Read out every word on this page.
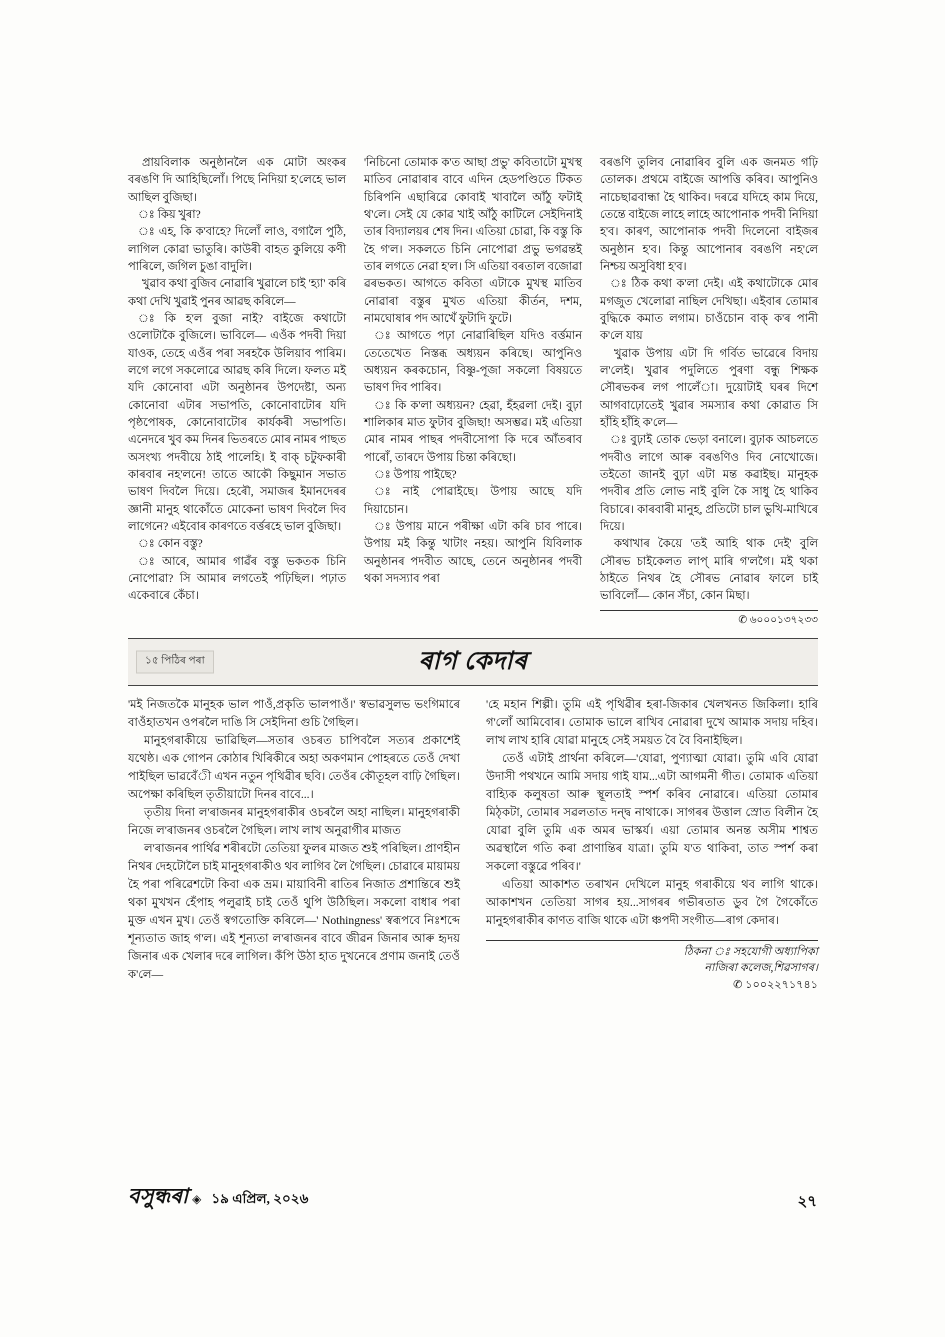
প্ৰায়বিলাক অনুষ্ঠানলৈ এক মোটা অংকৰ বৰঙণি দি আহিছিলোঁ। পিছে নিদিয়া হ'লেহে ভাল আছিল বুজিছা।

ঃ কিয় খুৰা?

ঃ এহ, কি ক'বাহে? দিলোঁ লাও, বগালৈ পুঠি, লাগিল কোৱা ভাতুৰি। কাউৰী বাহত কুলিয়ে কণী পাৰিলে, জগিল চুঙা বাদুলি।

খুৱাব কথা বুজিব নোৱাৰি খুৱালে চাই 'হ্যা' কৰি কথা দেখি খুৱাই পুনৰ আৱছ কৰিলে—

ঃ কি হ'ল বুজা নাই? বাইজে কথাটো ওলোটাকৈ বুজিলে। ভাবিলে— এওঁক পদবী দিয়া যাওক, তেহে এওঁৰ পৰা সৰহকৈ উলিয়াব পাৰিম। লগে লগে সকলোৱে আৱছ কৰি দিলে। ফলত মই যদি কোনোবা এটা অনুষ্ঠানৰ উপদেষ্টা, অন্য কোনোবা এটাৰ সভাপতি, কোনোবাটোৰ যদি পৃষ্ঠপোষক, কোনোবাটোৰ কাৰ্যকৰী সভাপতি। এনেদৰে খুব কম দিনৰ ভিতৰতে মোৰ নামৰ পাছত অসংখ্য পদবীয়ে ঠাই পালেহি। ই বাক্ চটুফকাৰী কাৰবাৰ নহ'লনে! তাতে আকৌ কিছুমান সভাত ভাষণ দিবলৈ দিয়ে। হেৰৌ, সমাজৰ ইমানদেৰৰ জ্ঞানী মানুহ থাকোঁতে মোকেনা ভাষণ দিবলৈ দিব লাগেনে? এইবোৰ কাৰণতে বৰ্ত্তৰহে ভাল বুজিছা।

ঃ কোন বস্তু?

ঃ আৰে, আমাৰ গাৱঁৰ বস্তু ভকতক চিনি নোপোৱা? সি আমাৰ লগতেই পঢ়িছিল। পঢ়াত একেবাৰে কেঁচা।

'নিচিনো তোমাক ক'ত আছা প্ৰভু' কবিতাটো মুখস্থ মাতিব নোৱাৰাৰ বাবে এদিন হেডপণ্ডিতে টিকত চিৰিপনি এছাৰিৱে কোবাই খাবালৈ আঁঠু ফটাই থ'লে। সেই যে কোৱ খাই আঁঠু কাটিলে সেইদিনাই তাৰ বিদ্যালয়ৰ শেষ দিন। এতিয়া চোৱা, কি বস্তু কি হৈ গ'ল। সকলতে চিনি নোপোৱা প্ৰভু ভগৱন্তই তাৰ লগতে নেৱা হ'ল। সি এতিয়া বৰতাল বজোৱা ৱৰভকত। আগতে কবিতা এটাকে মুখস্থ মাতিব নোৱাৰা বস্তুৰ মুখত এতিয়া কীৰ্তন, দশম, নামঘোষাৰ পদ আখেঁ ফুটাদি ফুটে।

ঃ আগতে পঢ়া নোৱাৰিছিল যদিও বৰ্ত্তমান তেতেখেত নিস্তব্ধ অধ্যয়ন কৰিছে। আপুনিও অধ্যয়ন কৰকচোন, বিষ্ণু-পূজা সকলো বিষয়তে ভাষণ দিব পাৰিব।

ঃ কি ক'লা অধ্যয়ন? হেৱা, হঁহৱলা দেই। বুঢ়া শালিকাৰ মাত ফুটাব বুজিছা! অসম্ভৱ। মই এতিয়া মোৰ নামৰ পাছৰ পদবীসোপা কি দৰে আঁতৰাব পাৰোঁ, তাৰদে উপায় চিন্তা কৰিছো।

ঃ উপায় পাইছে?

ঃ নাই পোৱাইছে। উপায় আছে যদি দিয়াচোন।

ঃ উপায় মানে পৰীক্ষা এটা কৰি চাব পাৰে। উপায় মই কিন্তু খাটাং নহয়। আপুনি যিবিলাক অনুষ্ঠানৰ পদবীত আছে, তেনে অনুষ্ঠানৰ পদবী থকা সদস্যাব পৰা

বৰঙণি তুলিব নোৱাৰিব বুলি এক জনমত গঢ়ি তোলক। প্ৰথমে বাইজে আপত্তি কৰিব। আপুনিও নাচেছাৱবান্ধা হৈ থাকিব। দৰৱে যদিহে কাম দিয়ে, তেন্তে বাইজে লাহে লাহে আপোনাক পদবী নিদিয়া হ'ব। কাৰণ, আপোনাক পদবী দিলেনো বাইজৰ অনুষ্ঠান হ'ব। কিন্তু আপোনাৰ বৰঙণি নহ'লে নিশ্চয় অসুবিধা হ'ব।

ঃ ঠিক কথা ক'লা দেই। এই কথাটোকে মোৰ মগজুত খেলোৱা নাছিল দেখিছা। এইবাৰ তোমাৰ বুদ্ধিকে কমাত লগাম। চাওঁচোন বাক্ ক'ৰ পানী ক'লে যায়

খুৱাক উপায় এটা দি গৰ্বিত ভাৱেৰে বিদায় ল'লেই। খুৱাৰ পদুলিতে পুৰণা বন্ধু শিক্ষক সৌৰভকৰ লগ পালেঁা। দুয়োটাই ঘৰৰ দিশে আগবাঢ়োতেই খুৱাৰ সমস্যাৰ কথা কোৱাত সি হাঁহি হাঁহি ক'লে—

ঃ বুঢ়াই তোক ভেড়া বনালে। বুঢ়াক আচলতে পদবীও লাগে আৰু বৰঙণিও দিব নোখোজে। তইতো জানই বুঢ়া এটা মন্ত কৱাইছ। মানুহক পদবীৰ প্ৰতি লোভ নাই বুলি কৈ সাধু হৈ থাকিব বিচাৰে। কাৰবাৰী মানুহ, প্ৰতিটো চাল ভুখি-মাখিৰে দিয়ে।

কথাখাৰ কৈয়ে 'তই আহি থাক দেই' বুলি সৌৰভ চাইকেলত লাপ্ মাৰি গ'লগৈ। মই থকা ঠাইতে নিথৰ হৈ সৌৰভ নোৱাৰ ফালে চাই ভাবিলোঁ— কোন সঁচা, কোন মিছা।

✆ ৬০০০১৩৭২৩৩
১৫ পিঠিৰ পৰা	ৰাগ কেদাৰ

'মই নিজতকৈ মানুহক ভাল পাওঁ,প্ৰকৃতি ভালপাওঁ।' স্বভাৱসুলভ ভংগিমাৰে বাওঁহাতখন ওপৰলৈ দাঙি সি সেইদিনা গুচি গৈছিল।

মানুহগৰাকীয়ে ভাৱিছিল—সতাৰ ওচৰত চাপিবলৈ সত্যৰ প্ৰকাশেই যথেষ্ঠ। এক গোপন কোঠাৰ খিৰিকীৰে অহা অকণমান পোহৰতে তেওঁ দেখা পাইছিল ভাৱবেঁী এখন নতুন পৃথিৱীৰ ছবি। তেওঁৰ কৌতূহল বাঢ়ি গৈছিল। অপেক্ষা কৰিছিল তৃতীয়াটো দিনৰ বাবে...।

তৃতীয় দিনা ল'ৰাজনৰ মানুহগৰাকীৰ ওচৰলৈ অহা নাছিল। মানুহগৰাকী নিজে ল'ৰাজনৰ ওচৰলৈ গৈছিল। লাখ লাখ অনুৱাগীৰ মাজত

ল'ৰাজনৰ পাৰ্থিৱ শৰীৰটো তেতিয়া ফুলৰ মাজত শুই পৰিছিল। প্ৰাণহীন নিথৰ দেহটোলৈ চাই মানুহগৰাকীও থব লাগিব লৈ গৈছিল। চোৱাৰে মায়াময় হৈ পৰা পৰিৱেশটো কিবা এক ভ্ৰম। মায়াবিনী ৰাতিৰ নিজাত প্ৰশান্তিৰে শুই থকা মুখখন হেঁপাহ পলুৱাই চাই তেওঁ থুপি উঠিছিল। সকলো বাধাৰ পৰা মুক্ত এখন মুখ। তেওঁ স্বগতোক্তি কৰিলে—' Nothingness' স্বৰূপবে নিঃশব্দে শূন্যতাত জাহ গ'ল। এই শূন্যতা ল'ৰাজনৰ বাবে জীৱন জিনাৰ আৰু হৃদয় জিনাৰ এক খেলাৰ দৰে লাগিল। কঁপি উঠা হাত দুখনেৰে প্ৰণাম জনাই তেওঁ ক'লে—

'হে মহান শিল্পী। তুমি এই পৃথিৱীৰ হৰা-জিকাৰ খেলখনত জিকিলা। হাৰি গ'লোঁ আমিবোৰ। তোমাক ভালে ৰাখিব নোৱাৰা দুখে আমাক সদায় দহিব। লাখ লাখ হাৰি যোৱা মানুহে সেই সময়ত বৈ বৈ বিনাইছিল।

তেওঁ এটাই প্ৰাৰ্থনা কৰিলে—'যোৱা, পুণ্যাত্মা যোৱা। তুমি এবি যোৱা উদাসী পথখনে আমি সদায় গাই যাম...এটা আগমনী গীত। তোমাক এতিয়া বাহ্যিক কলুষতা আৰু স্থূলতাই স্পৰ্শ কৰিব নোৱাৰে। এতিয়া তোমাৰ মিঠৃকটা, তোমাৰ সৱলতাত দন্দ্ব নাথাকে। সাগৰৰ উত্তাল স্ৰোত বিলীন হৈ যোৱা বুলি তুমি এক অমৰ ভাস্কৰ্য। এয়া তোমাৰ অনন্ত অসীম শাশ্বত অৱস্থালৈ গতি কৰা প্ৰাণান্তিৰ যাত্ৰা। তুমি য'ত থাকিবা, তাত স্পৰ্শ কৰা সকলো বস্তুৱে পৰিব।'

এতিয়া আকাশত তৰাখন দেখিলে মানুহ গৰাকীয়ে থব লাগি থাকে। আকাশখন তেতিয়া সাগৰ হয়...সাগৰৰ গভীৰতাত ডুব গৈ গৈকোঁতে মানুহগৰাকীৰ কাণত বাজি থাকে এটা ঞ্চপদী সংগীত—ৰাগ কেদাৰ।

ঠিকনা ঃ সহযোগী অধ্যাপিকা
নাজিৰা কলেজ,শিৱসাগৰ।
✆ ১০০২২৭১৭৪১
বসুন্ধৰা ◈ ১৯ এপ্ৰিল, ২০২৬	২৭
